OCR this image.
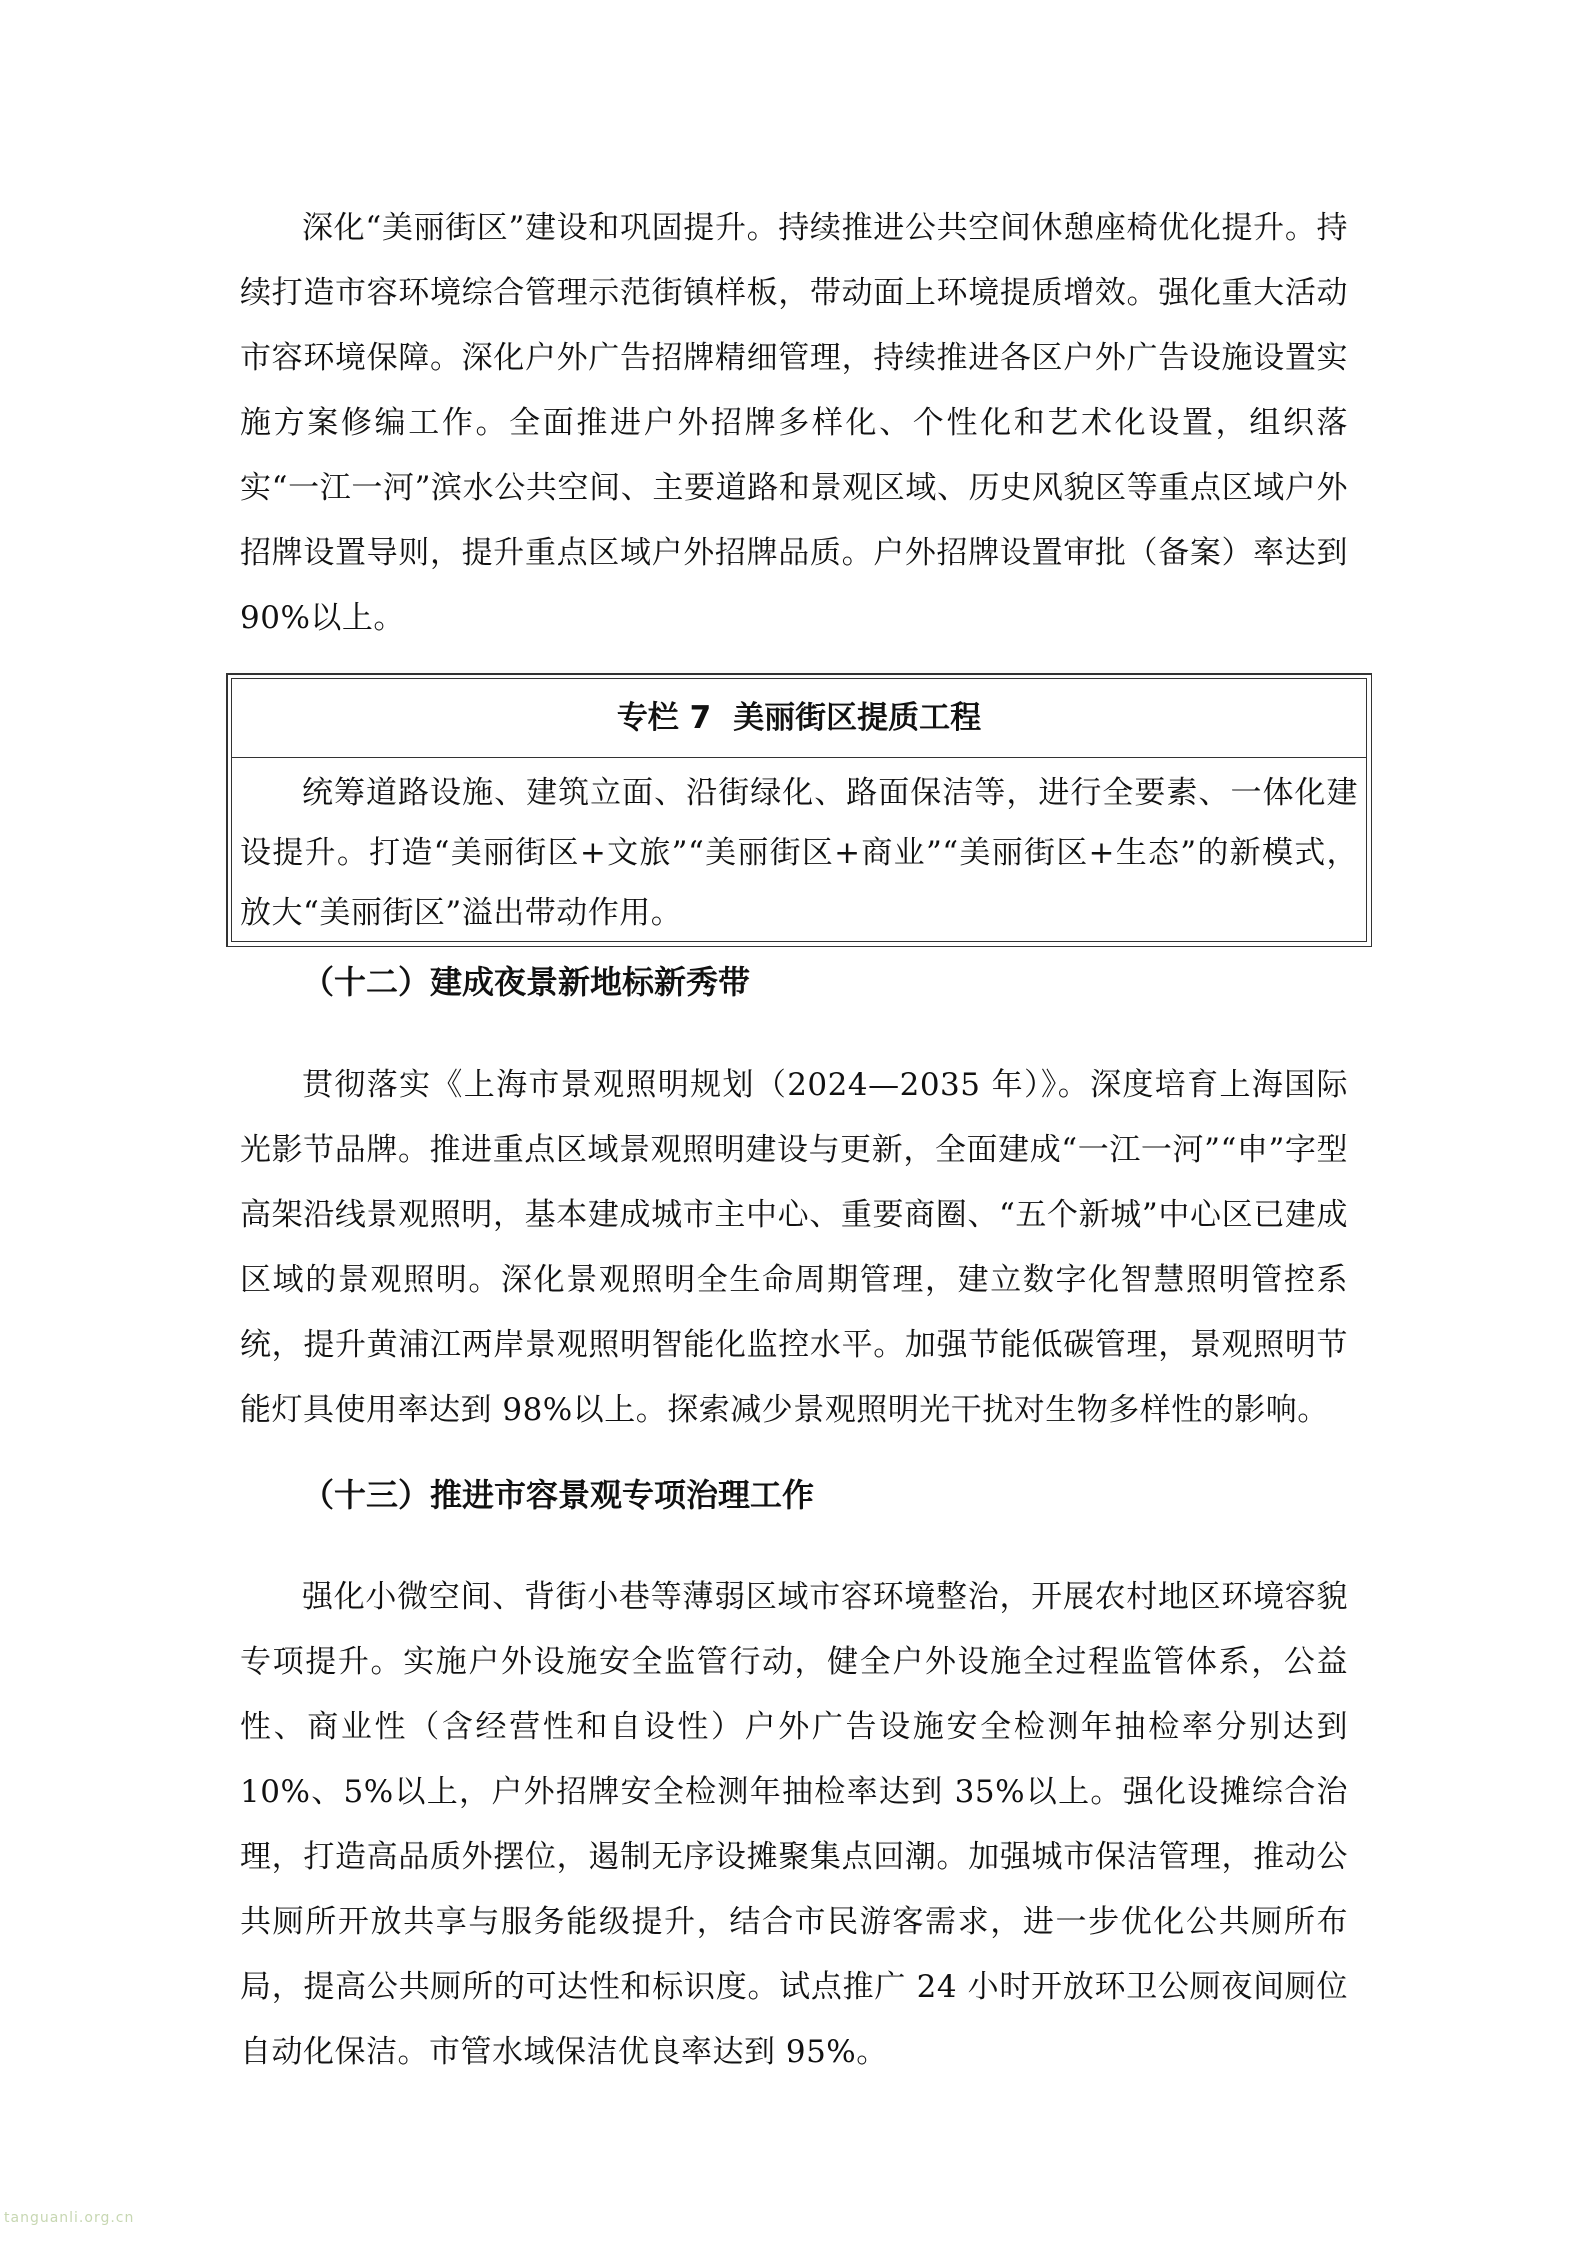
深化“美丽街区”建设和巩固提升。持续推进公共空间休憩座椅优化提升。持续打造市容环境综合管理示范街镇样板，带动面上环境提质增效。强化重大活动市容环境保障。深化户外广告招牌精细管理，持续推进各区户外广告设施设置实施方案修编工作。全面推进户外招牌多样化、个性化和艺术化设置，组织落实“一江一河”滨水公共空间、主要道路和景观区域、历史风貌区等重点区域户外招牌设置导则，提升重点区域户外招牌品质。户外招牌设置审批（备案）率达到 90%以上。

专栏 7 美丽街区提质工程

统筹道路设施、建筑立面、沿街绿化、路面保洁等，进行全要素、一体化建设提升。打造“美丽街区+文旅”“美丽街区+商业”“美丽街区+生态”的新模式，放大“美丽街区”溢出带动作用。

（十二）建成夜景新地标新秀带

贯彻落实《上海市景观照明规划（2024—2035 年）》。深度培育上海国际光影节品牌。推进重点区域景观照明建设与更新，全面建成“一江一河”“申”字型高架沿线景观照明，基本建成城市主中心、重要商圈、“五个新城”中心区已建成区域的景观照明。深化景观照明全生命周期管理，建立数字化智慧照明管控系统，提升黄浦江两岸景观照明智能化监控水平。加强节能低碳管理，景观照明节能灯具使用率达到 98%以上。探索减少景观照明光干扰对生物多样性的影响。

（十三）推进市容景观专项治理工作

强化小微空间、背街小巷等薄弱区域市容环境整治，开展农村地区环境容貌专项提升。实施户外设施安全监管行动，健全户外设施全过程监管体系，公益性、商业性（含经营性和自设性）户外广告设施安全检测年抽检率分别达到 10%、5%以上，户外招牌安全检测年抽检率达到 35%以上。强化设摊综合治理，打造高品质外摆位，遏制无序设摊聚集点回潮。加强城市保洁管理，推动公共厕所开放共享与服务能级提升，结合市民游客需求，进一步优化公共厕所布局，提高公共厕所的可达性和标识度。试点推广 24 小时开放环卫公厕夜间厕位自动化保洁。市管水域保洁优良率达到 95%。

tanguanli.org.cn
